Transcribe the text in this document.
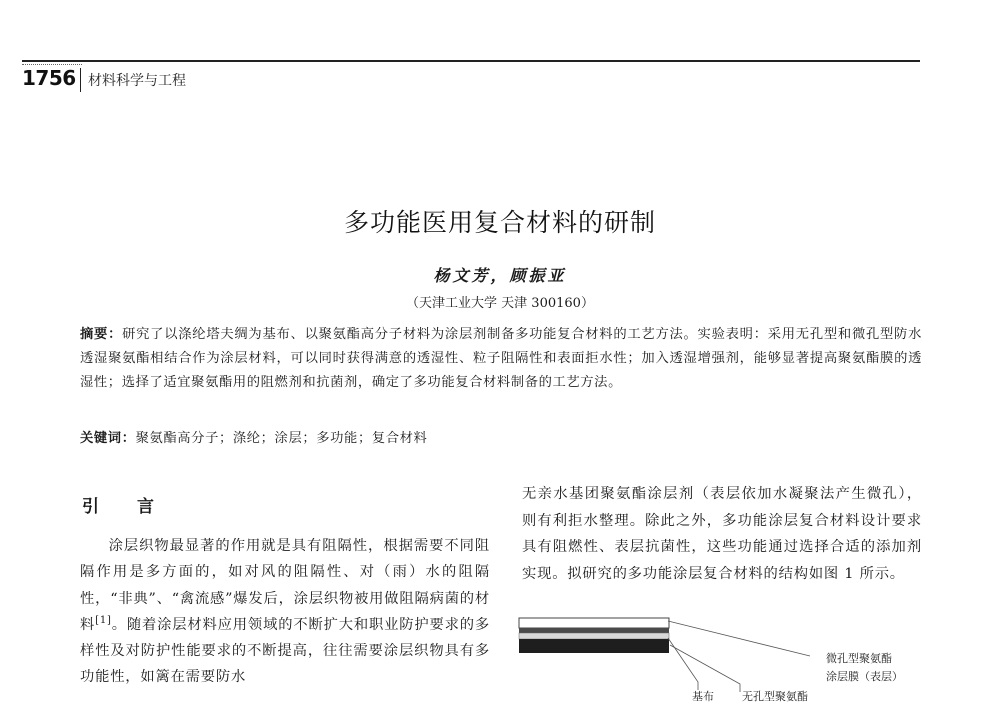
1756 材料科学与工程
多功能医用复合材料的研制
杨文芳，顾振亚
（天津工业大学 天津 300160）
摘要：研究了以涤纶塔夫绸为基布、以聚氨酯高分子材料为涂层剂制备多功能复合材料的工艺方法。实验表明：采用无孔型和微孔型防水透湿聚氨酯相结合作为涂层材料，可以同时获得满意的透湿性、粒子阻隔性和表面拒水性；加入透湿增强剂，能够显著提高聚氨酯膜的透湿性；选择了适宜聚氨酯用的阻燃剂和抗菌剂，确定了多功能复合材料制备的工艺方法。
关键词：聚氨酯高分子；涤纶；涂层；多功能；复合材料
引言

涂层织物最显著的作用就是具有阻隔性，根据需要不同阻隔作用是多方面的，如对风的阻隔性、对（雨）水的阻隔性，“非典”、“禽流感”爆发后，涂层织物被用做阻隔病菌的材料[1]。随着涂层材料应用领域的不断扩大和职业防护要求的多样性及对防护性能要求的不断提高，往往需要涂层织物具有多功能性，如篱在需要防水

无亲水基团聚氨酯涂层剂（表层依加水凝聚法产生微孔），则有利拒水整理。除此之外，多功能涂层复合材料设计要求具有阻燃性、表层抗菌性，这些功能通过选择合适的添加剂实现。拟研究的多功能涂层复合材料的结构如图 1 所示。

微孔型聚氨酯
涂层膜（表层）
基布	无孔型聚氨酯
